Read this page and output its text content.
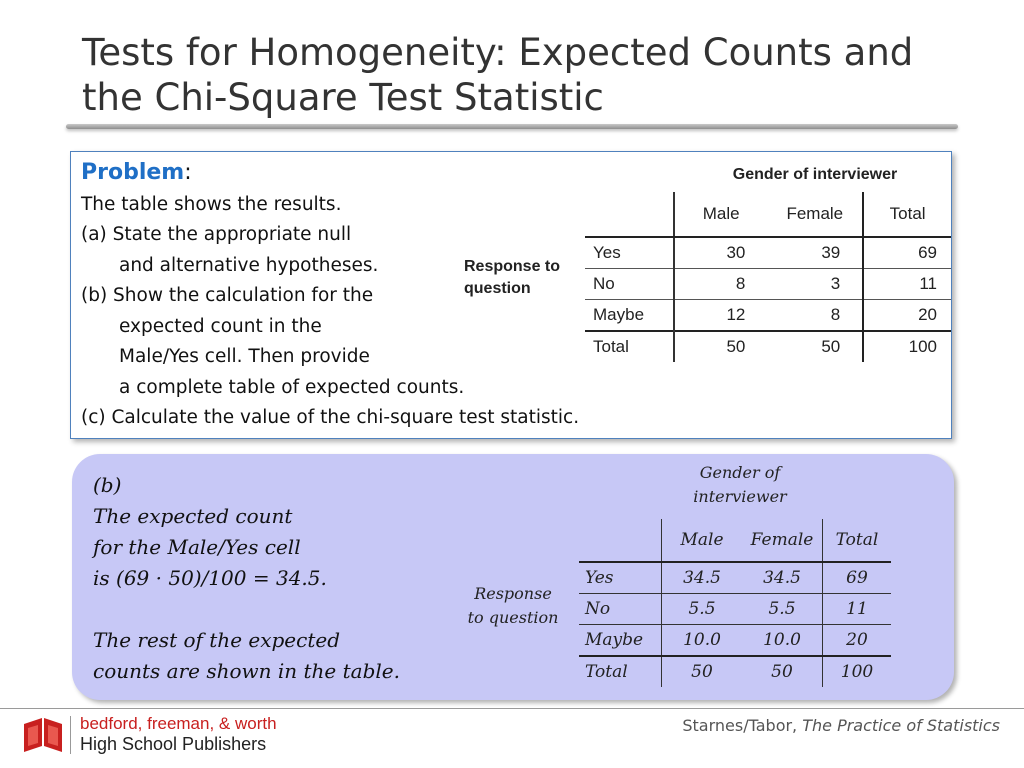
Tests for Homogeneity: Expected Counts and
the Chi-Square Test Statistic
Problem:
The table shows the results.
(a) State the appropriate null
and alternative hypotheses.
(b) Show the calculation for the
expected count in the
Male/Yes cell. Then provide
a complete table of expected counts.
(c) Calculate the value of the chi-square test statistic.
Gender of interviewer
Response to
question
	Male	Female	Total
Yes	30	39	69
No	8	3	11
Maybe	12	8	20
Total	50	50	100
(b)
The expected count
for the Male/Yes cell
is (69 · 50)/100 = 34.5.
The rest of the expected
counts are shown in the table.
Gender of
interviewer
Response
to question
	Male	Female	Total
Yes	34.5	34.5	69
No	5.5	5.5	11
Maybe	10.0	10.0	20
Total	50	50	100
bedford, freeman, & worth
High School Publishers
Starnes/Tabor, The Practice of Statistics
